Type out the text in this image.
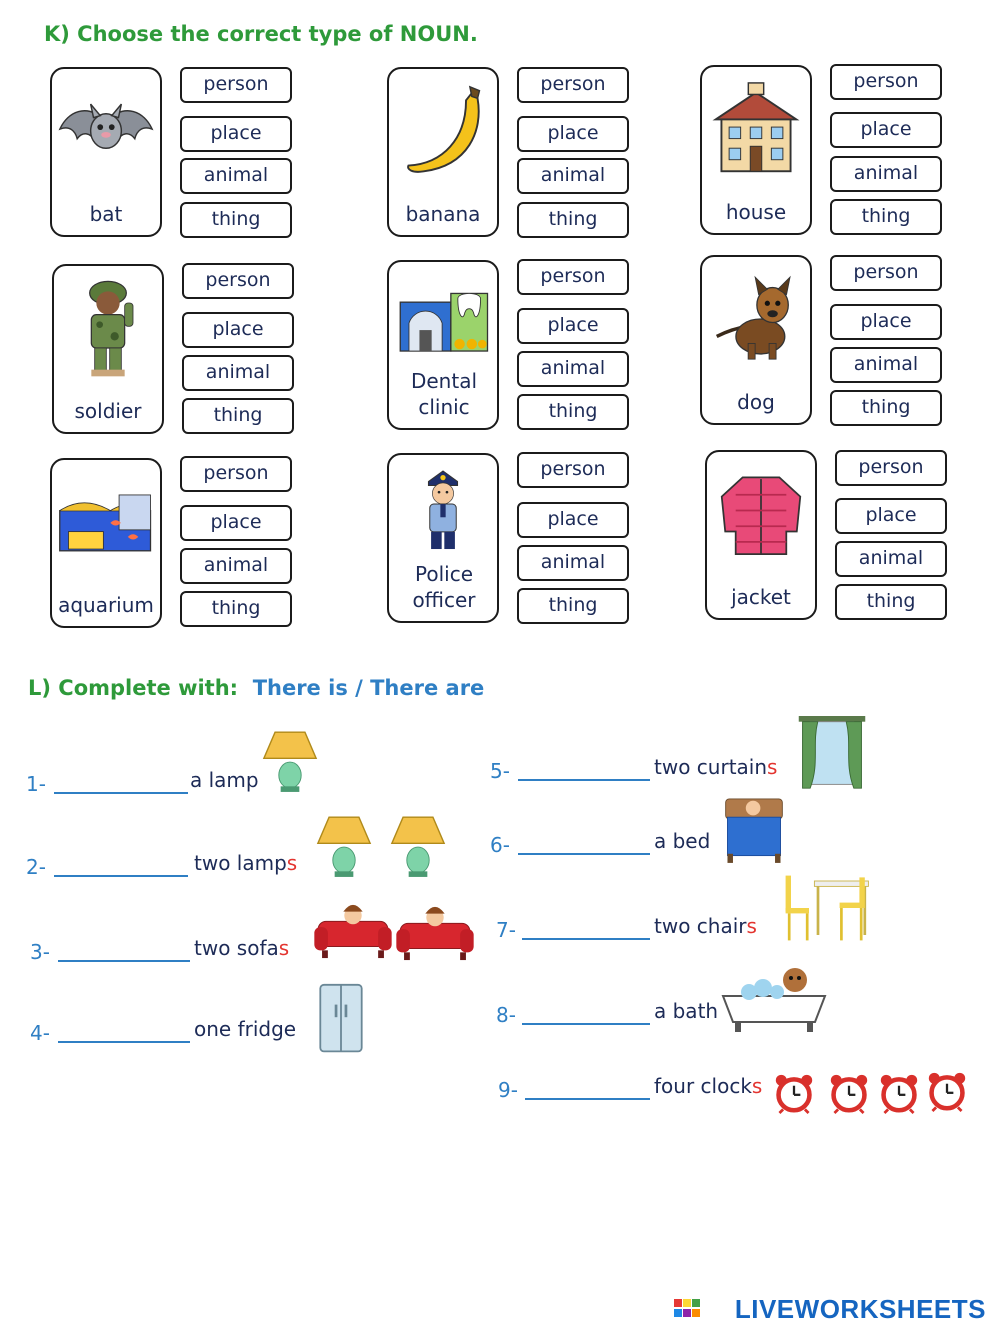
K) Choose the correct type of NOUN.
bat
person
place
animal
thing	banana
person
place
animal
thing	house
person
place
animal
thing
soldier
person
place
animal
thing
Dental clinic
person
place
animal
thing	dog
person
place
animal
thing
aquarium
person
place
animal
thing
Police officer
person
place
animal
thing	jacket
person
place
animal
thing
L) Complete with: There is / There are
1-	a lamp
2-	two lamps
3-	two sofas
4-	one fridge
5-	two curtains
6-	a bed
7-	two chairs
8-	a bath
9-	four clocks
LIVEWORKSHEETS
